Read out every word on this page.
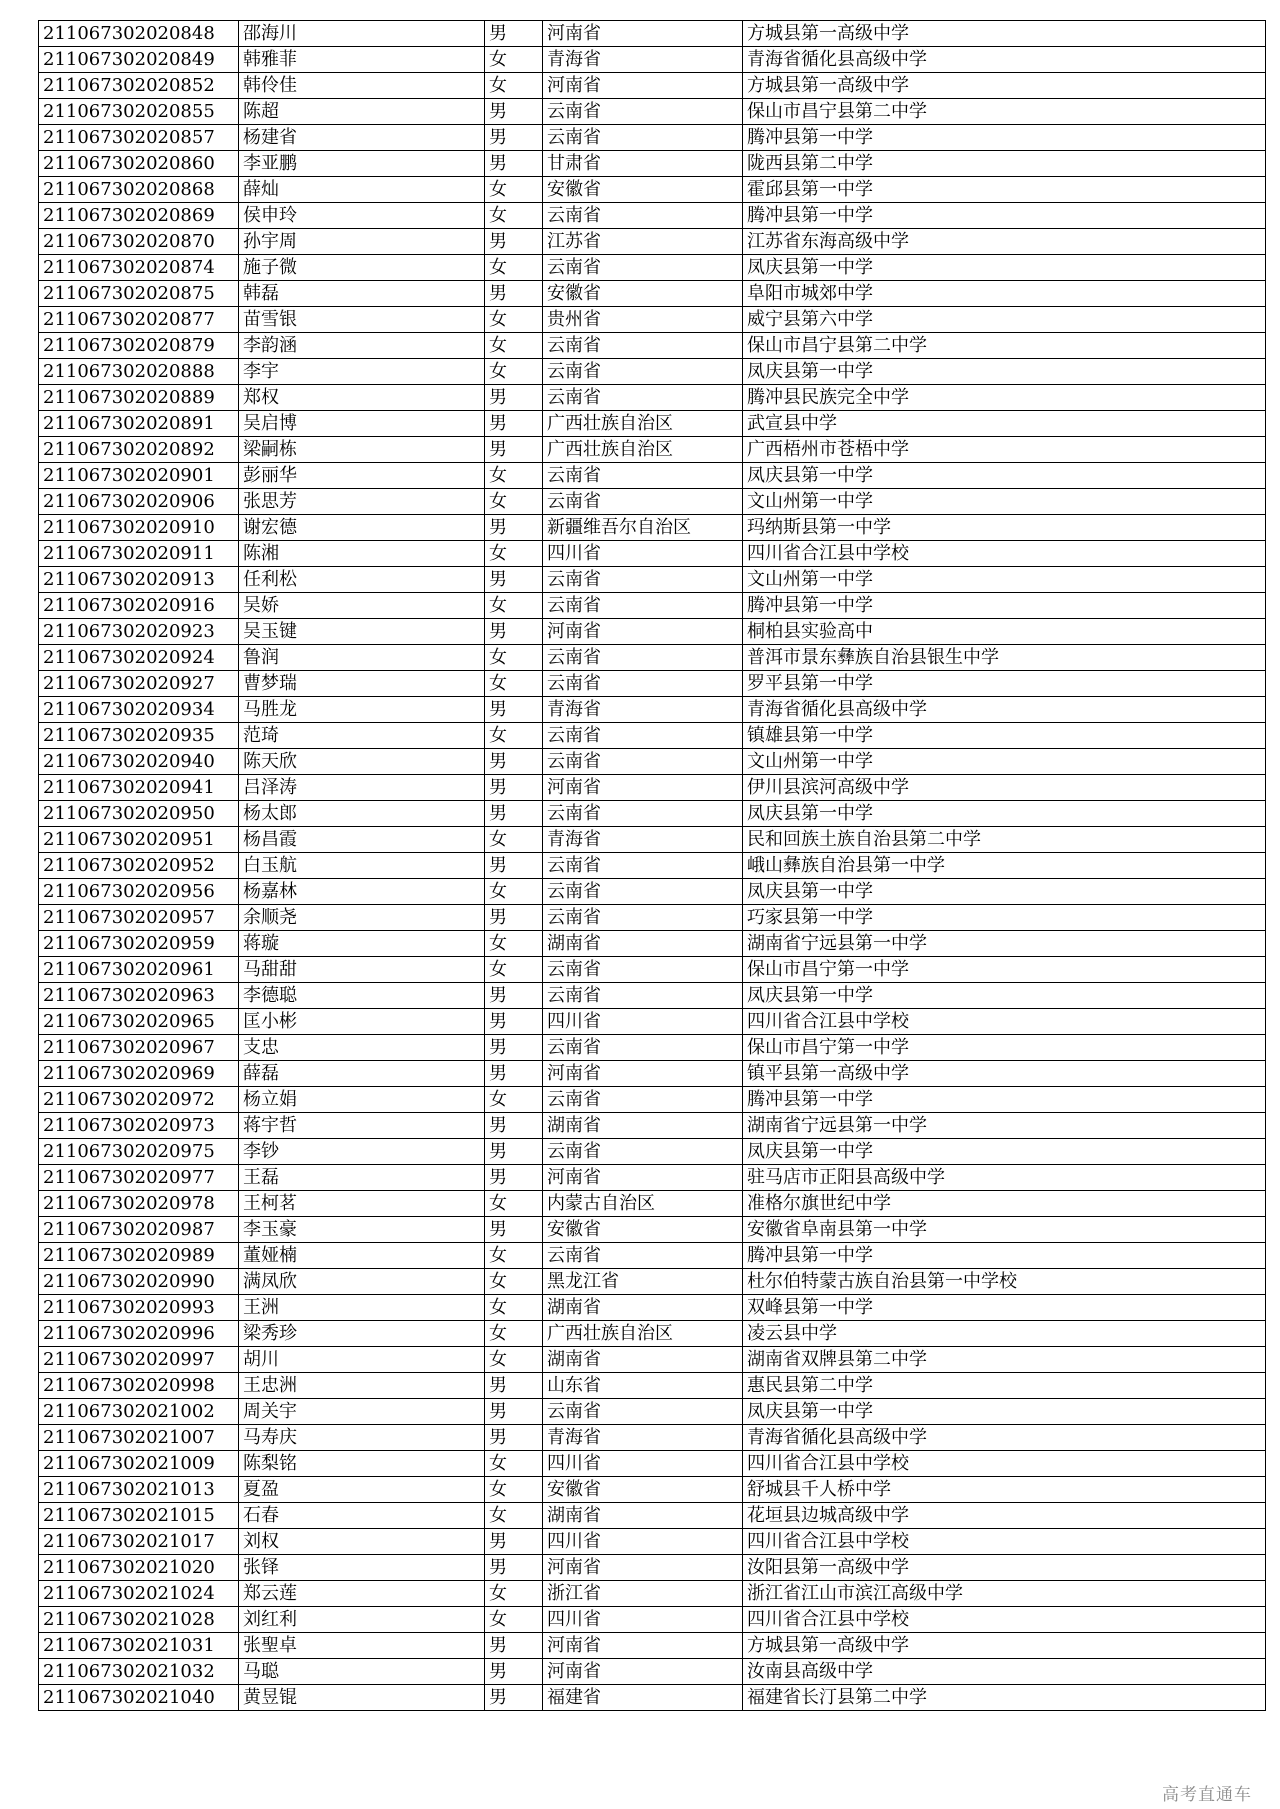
211067302020848	邵海川	男	河南省	方城县第一高级中学
211067302020849	韩雅菲	女	青海省	青海省循化县高级中学
211067302020852	韩伶佳	女	河南省	方城县第一高级中学
211067302020855	陈超	男	云南省	保山市昌宁县第二中学
211067302020857	杨建省	男	云南省	腾冲县第一中学
211067302020860	李亚鹏	男	甘肃省	陇西县第二中学
211067302020868	薛灿	女	安徽省	霍邱县第一中学
211067302020869	侯申玲	女	云南省	腾冲县第一中学
211067302020870	孙宇周	男	江苏省	江苏省东海高级中学
211067302020874	施子微	女	云南省	凤庆县第一中学
211067302020875	韩磊	男	安徽省	阜阳市城郊中学
211067302020877	苗雪银	女	贵州省	威宁县第六中学
211067302020879	李韵涵	女	云南省	保山市昌宁县第二中学
211067302020888	李宇	女	云南省	凤庆县第一中学
211067302020889	郑权	男	云南省	腾冲县民族完全中学
211067302020891	吴启博	男	广西壮族自治区	武宣县中学
211067302020892	梁嗣栋	男	广西壮族自治区	广西梧州市苍梧中学
211067302020901	彭丽华	女	云南省	凤庆县第一中学
211067302020906	张思芳	女	云南省	文山州第一中学
211067302020910	谢宏德	男	新疆维吾尔自治区	玛纳斯县第一中学
211067302020911	陈湘	女	四川省	四川省合江县中学校
211067302020913	任利松	男	云南省	文山州第一中学
211067302020916	吴娇	女	云南省	腾冲县第一中学
211067302020923	吴玉键	男	河南省	桐柏县实验高中
211067302020924	鲁润	女	云南省	普洱市景东彝族自治县银生中学
211067302020927	曹梦瑞	女	云南省	罗平县第一中学
211067302020934	马胜龙	男	青海省	青海省循化县高级中学
211067302020935	范琦	女	云南省	镇雄县第一中学
211067302020940	陈天欣	男	云南省	文山州第一中学
211067302020941	吕泽涛	男	河南省	伊川县滨河高级中学
211067302020950	杨太郎	男	云南省	凤庆县第一中学
211067302020951	杨昌霞	女	青海省	民和回族土族自治县第二中学
211067302020952	白玉航	男	云南省	峨山彝族自治县第一中学
211067302020956	杨嘉林	女	云南省	凤庆县第一中学
211067302020957	余顺尧	男	云南省	巧家县第一中学
211067302020959	蒋璇	女	湖南省	湖南省宁远县第一中学
211067302020961	马甜甜	女	云南省	保山市昌宁第一中学
211067302020963	李德聪	男	云南省	凤庆县第一中学
211067302020965	匡小彬	男	四川省	四川省合江县中学校
211067302020967	支忠	男	云南省	保山市昌宁第一中学
211067302020969	薛磊	男	河南省	镇平县第一高级中学
211067302020972	杨立娟	女	云南省	腾冲县第一中学
211067302020973	蒋宇哲	男	湖南省	湖南省宁远县第一中学
211067302020975	李钞	男	云南省	凤庆县第一中学
211067302020977	王磊	男	河南省	驻马店市正阳县高级中学
211067302020978	王柯茗	女	内蒙古自治区	准格尔旗世纪中学
211067302020987	李玉豪	男	安徽省	安徽省阜南县第一中学
211067302020989	董娅楠	女	云南省	腾冲县第一中学
211067302020990	满凤欣	女	黑龙江省	杜尔伯特蒙古族自治县第一中学校
211067302020993	王洲	女	湖南省	双峰县第一中学
211067302020996	梁秀珍	女	广西壮族自治区	凌云县中学
211067302020997	胡川	女	湖南省	湖南省双牌县第二中学
211067302020998	王忠洲	男	山东省	惠民县第二中学
211067302021002	周关宇	男	云南省	凤庆县第一中学
211067302021007	马寿庆	男	青海省	青海省循化县高级中学
211067302021009	陈梨铭	女	四川省	四川省合江县中学校
211067302021013	夏盈	女	安徽省	舒城县千人桥中学
211067302021015	石春	女	湖南省	花垣县边城高级中学
211067302021017	刘权	男	四川省	四川省合江县中学校
211067302021020	张铎	男	河南省	汝阳县第一高级中学
211067302021024	郑云莲	女	浙江省	浙江省江山市滨江高级中学
211067302021028	刘红利	女	四川省	四川省合江县中学校
211067302021031	张聖卓	男	河南省	方城县第一高级中学
211067302021032	马聪	男	河南省	汝南县高级中学
211067302021040	黄昱锟	男	福建省	福建省长汀县第二中学
高考直通车
